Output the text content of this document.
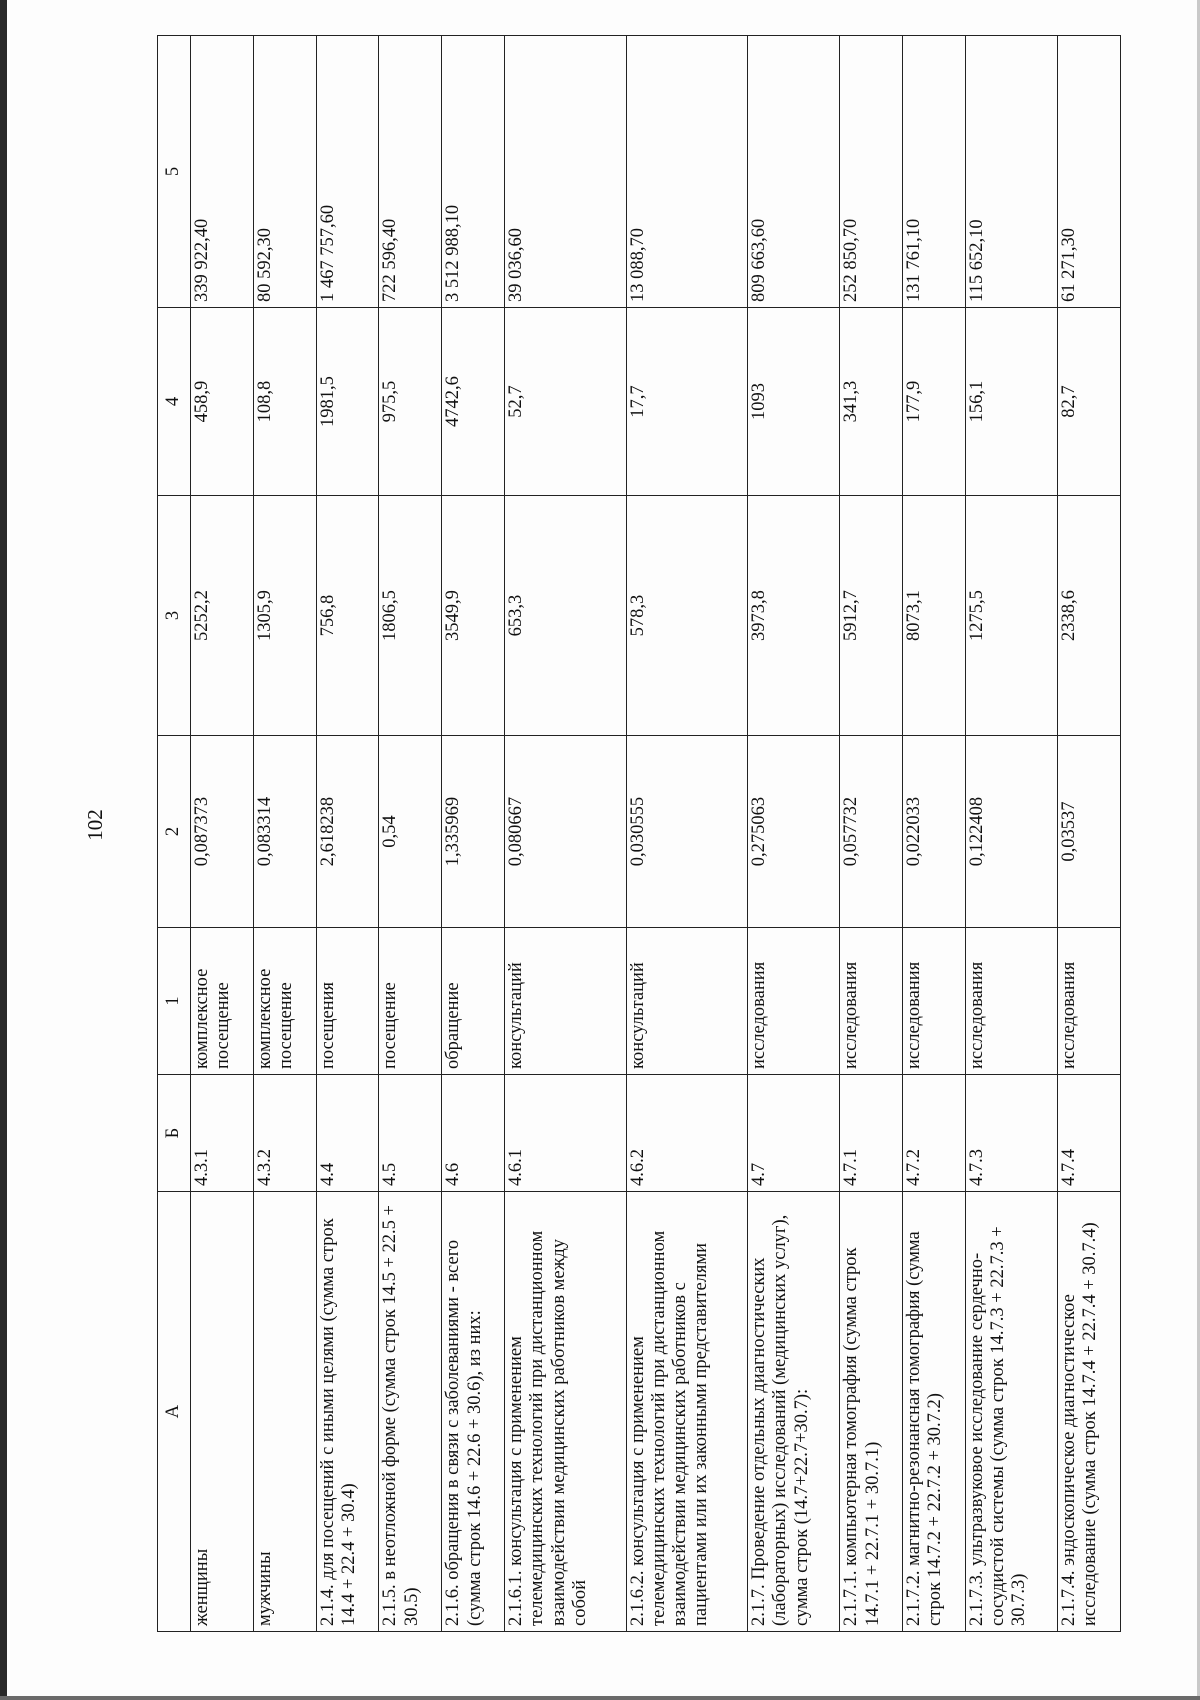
102
А	Б	1	2	3	4	5
женщины	4.3.1	комплексное посещение	0,087373	5252,2	458,9	339 922,40
мужчины	4.3.2	комплексное посещение	0,083314	1305,9	108,8	80 592,30
2.1.4. для посещений с иными целями (сумма строк 14.4 + 22.4 + 30.4)	4.4	посещения	2,618238	756,8	1981,5	1 467 757,60
2.1.5. в неотложной форме (сумма строк 14.5 + 22.5 + 30.5)	4.5	посещение	0,54	1806,5	975,5	722 596,40
2.1.6. обращения в связи с заболеваниями - всего (сумма строк 14.6 + 22.6 + 30.6), из них:	4.6	обращение	1,335969	3549,9	4742,6	3 512 988,10
2.1.6.1. консультация с применением телемедицинских технологий при дистанционном взаимодействии медицинских работников между собой	4.6.1	консультаций	0,080667	653,3	52,7	39 036,60
2.1.6.2. консультация с применением телемедицинских технологий при дистанционном взаимодействии медицинских работников с пациентами или их законными представителями	4.6.2	консультаций	0,030555	578,3	17,7	13 088,70
2.1.7. Проведение отдельных диагностических (лабораторных) исследований (медицинских услуг), сумма строк (14.7+22.7+30.7):	4.7	исследования	0,275063	3973,8	1093	809 663,60
2.1.7.1. компьютерная томография (сумма строк 14.7.1 + 22.7.1 + 30.7.1)	4.7.1	исследования	0,057732	5912,7	341,3	252 850,70
2.1.7.2. магнитно-резонансная томография (сумма строк 14.7.2 + 22.7.2 + 30.7.2)	4.7.2	исследования	0,022033	8073,1	177,9	131 761,10
2.1.7.3. ультразвуковое исследование сердечно-сосудистой системы (сумма строк 14.7.3 + 22.7.3 + 30.7.3)	4.7.3	исследования	0,122408	1275,5	156,1	115 652,10
2.1.7.4. эндоскопическое диагностическое исследование (сумма строк 14.7.4 + 22.7.4 + 30.7.4)	4.7.4	исследования	0,03537	2338,6	82,7	61 271,30
